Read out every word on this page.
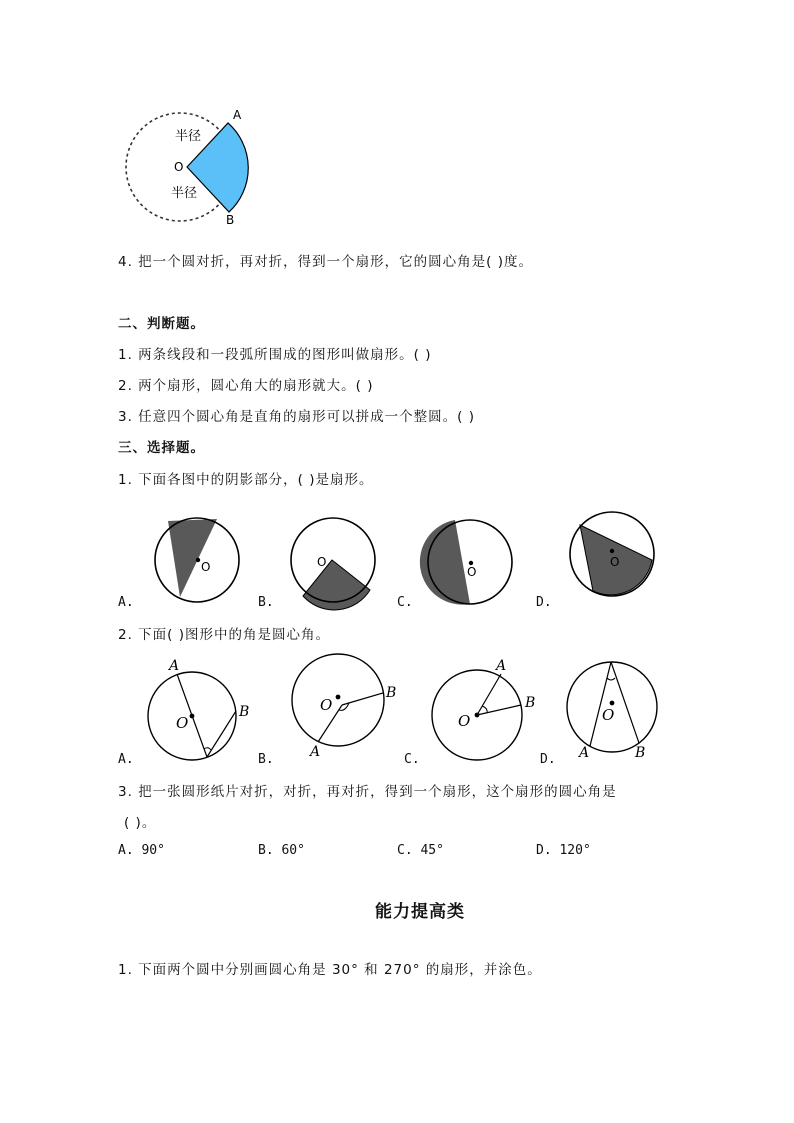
A
B
O
半径
半径
4. 把一个圆对折，再对折，得到一个扇形，它的圆心角是( )度。
二、判断题。
1. 两条线段和一段弧所围成的图形叫做扇形。( )
2. 两个扇形，圆心角大的扇形就大。( )
3. 任意四个圆心角是直角的扇形可以拼成一个整圆。( )
三、选择题。
1. 下面各图中的阴影部分，( )是扇形。
O	O
O
O
A.	B.	C.	D.
2. 下面( )图形中的角是圆心角。
A
B
O
O
A
B
O
A
B
O
A	B
A.	B.	C.	D.
3. 把一张圆形纸片对折，对折，再对折，得到一个扇形，这个扇形的圆心角是
( )。
A. 90°	B. 60°	C. 45°	D. 120°
能力提高类
1. 下面两个圆中分别画圆心角是 30° 和 270° 的扇形，并涂色。
